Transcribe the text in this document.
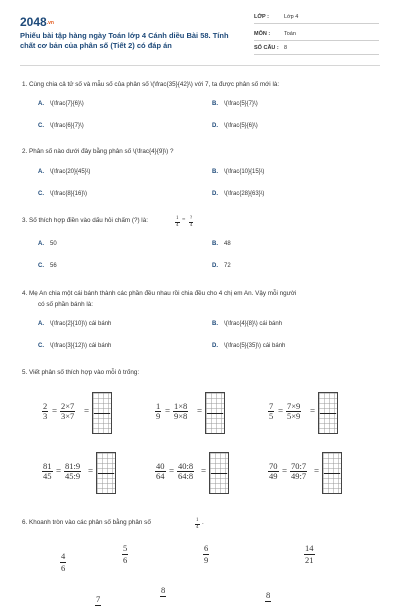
2048.vn
Phiếu bài tập hàng ngày Toán lớp 4 Cánh diều Bài 58. Tính chất cơ bản của phân số (Tiết 2) có đáp án
LỚP :	Lớp 4
MÔN :	Toán
SỐ CÂU : 8
1. Cùng chia cả tử số và mẫu số của phân số \(\frac{35}{42}\) với 7, ta được phân số mới là:
A. \(\frac{7}{6}\)	B. \(\frac{5}{7}\)
C. \(\frac{6}{7}\)	D. \(\frac{5}{6}\)
2. Phân số nào dưới đây bằng phân số \(\frac{4}{9}\) ?
A. \(\frac{20}{45}\)	B. \(\frac{10}{15}\)
C. \(\frac{8}{16}\)	D. \(\frac{28}{63}\)
3. Số thích hợp điền vào dấu hỏi chấm (?) là:	$\frac{1}{4}$ = ?
4
A. 50	B. 48
C. 56	D. 72
4. Mẹ An chia một cái bánh thành các phần đều nhau rồi chia đều cho 4 chị em An. Vậy mỗi người
có số phần bánh là:
A. \(\frac{2}{10}\) cái bánh	B. \(\frac{4}{8}\) cái bánh
C. \(\frac{3}{12}\) cái bánh	D. \(\frac{5}{35}\) cái bánh
5. Viết phân số thích hợp vào mỗi ô trống:
6. Khoanh tròn vào các phân số bằng phân số	$\frac{1}{4}$ .
$\frac{2}{3} = \frac{2\times 7}{3\times 7}$ =	$\frac{1}{9} = \frac{1\times 8}{9\times 8}$ =	$\frac{7}{5} = \frac{7\times 9}{5\times 9}$ =
$\frac{81}{45} = \frac{81:9}{45:9}$ =	$\frac{40}{64} = \frac{40:8}{64:8}$ =	$\frac{70}{49} = \frac{70:7}{49:7}$ =
4
6
5
6
6
9
14
21
7
8	8
